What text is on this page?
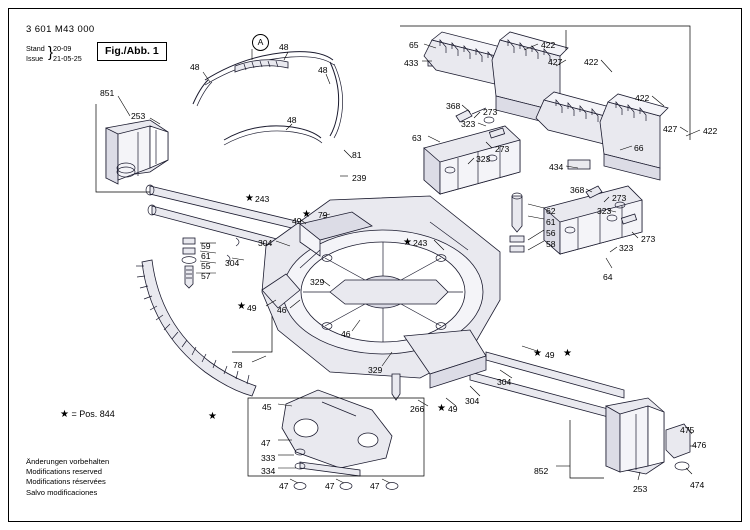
3 601 M43 000
Stand 20-09
Issue 21-05-25
}	Fig./Abb. 1
★ = Pos. 844
Änderungen vorbehalten
Modifications reserved
Modifications réservées
Salvo modificaciones
A
851
253
48
48
48
48
81
239
243
79
49
304
59
61
55
57
304
329
49 46
46
78	329
243
62
61
56
58
49
304
304
266	49
45
47
333
334
47	47	47
852
253
475
476
474
65
433
422
427	422
422
427	422
66
368
273
323
273
323
63
434
368
273
323
273
323
64
★
★
★
★
★ ★
★
★
